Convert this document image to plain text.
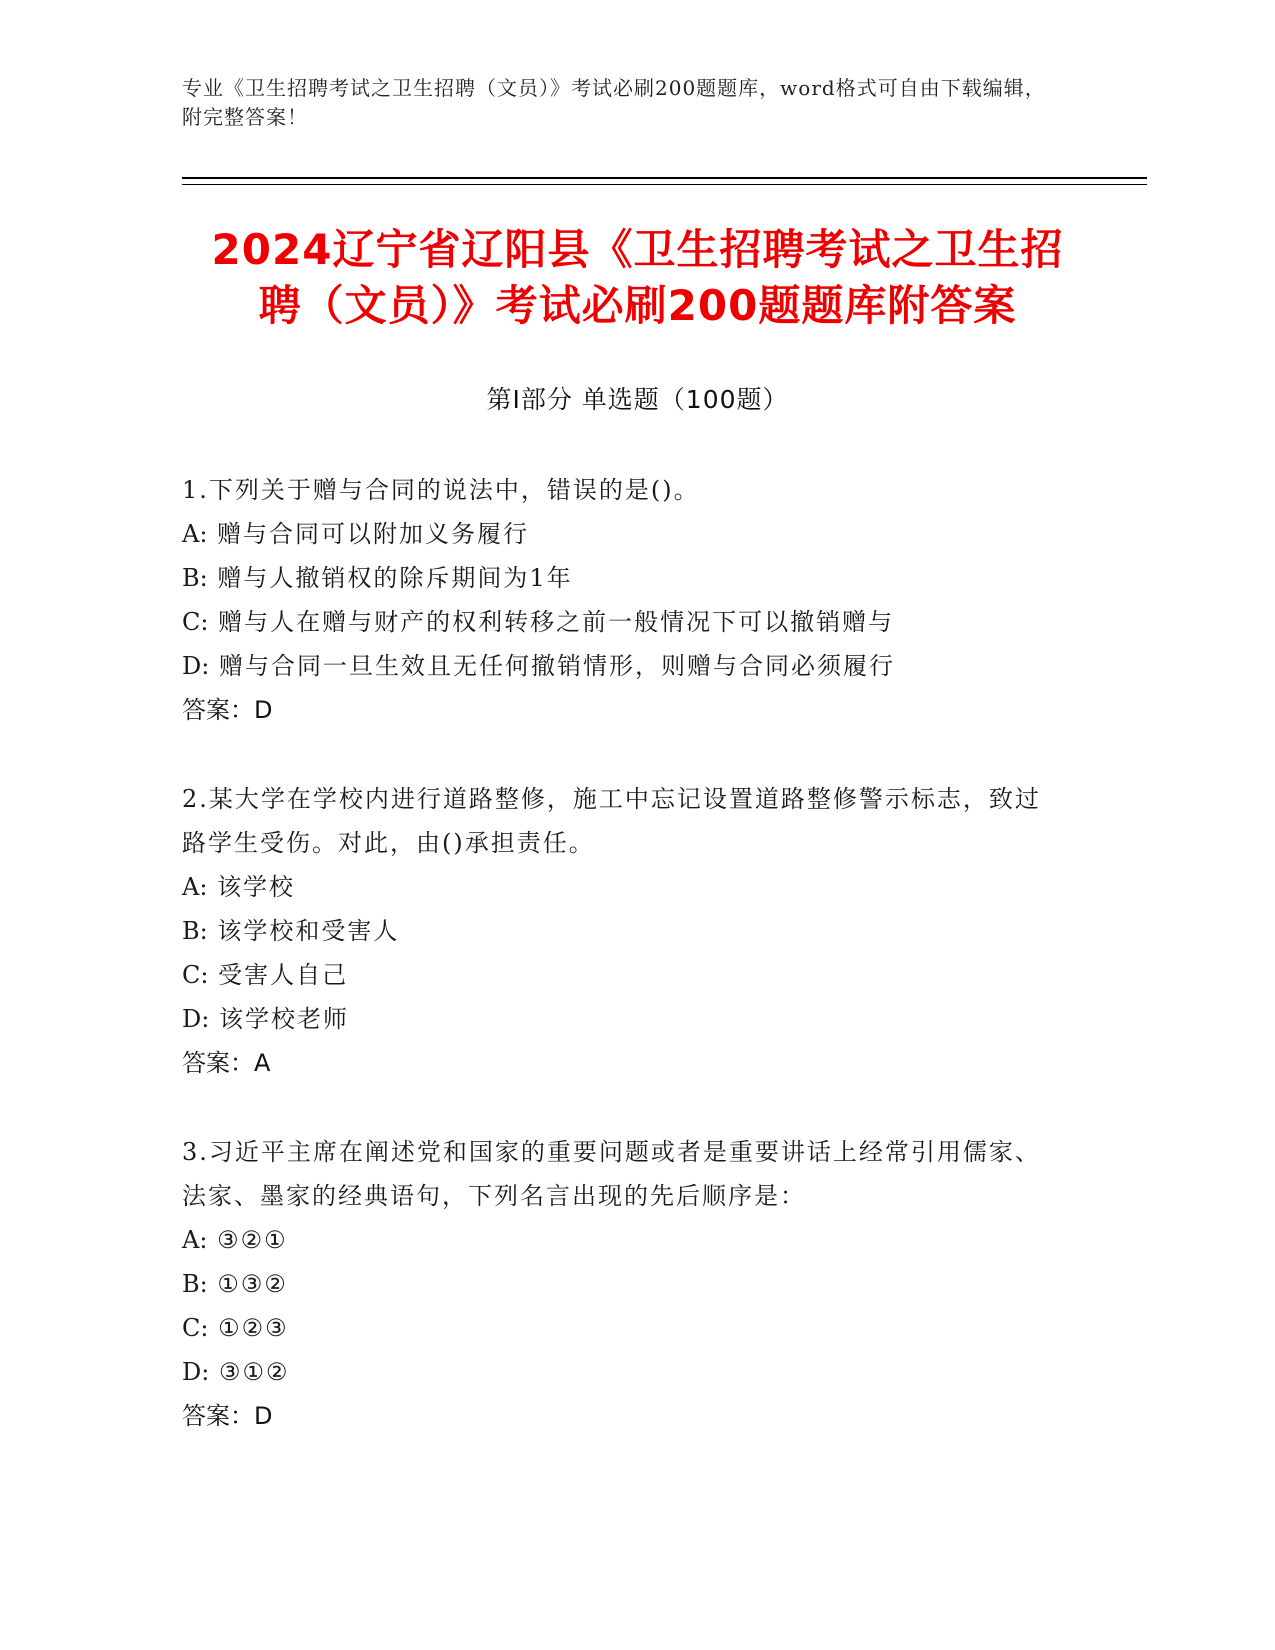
专业《卫生招聘考试之卫生招聘（文员）》考试必刷200题题库，word格式可自由下载编辑，附完整答案！
2024辽宁省辽阳县《卫生招聘考试之卫生招
聘（文员）》考试必刷200题题库附答案
第Ⅰ部分 单选题（100题）
1.下列关于赠与合同的说法中，错误的是()。
A: 赠与合同可以附加义务履行
B: 赠与人撤销权的除斥期间为1年
C: 赠与人在赠与财产的权利转移之前一般情况下可以撤销赠与
D: 赠与合同一旦生效且无任何撤销情形，则赠与合同必须履行
答案：D
2.某大学在学校内进行道路整修，施工中忘记设置道路整修警示标志，致过路学生受伤。对此，由()承担责任。
A: 该学校
B: 该学校和受害人
C: 受害人自己
D: 该学校老师
答案：A
3.习近平主席在阐述党和国家的重要问题或者是重要讲话上经常引用儒家、法家、墨家的经典语句，下列名言出现的先后顺序是：
A: ③②①
B: ①③②
C: ①②③
D: ③①②
答案：D
